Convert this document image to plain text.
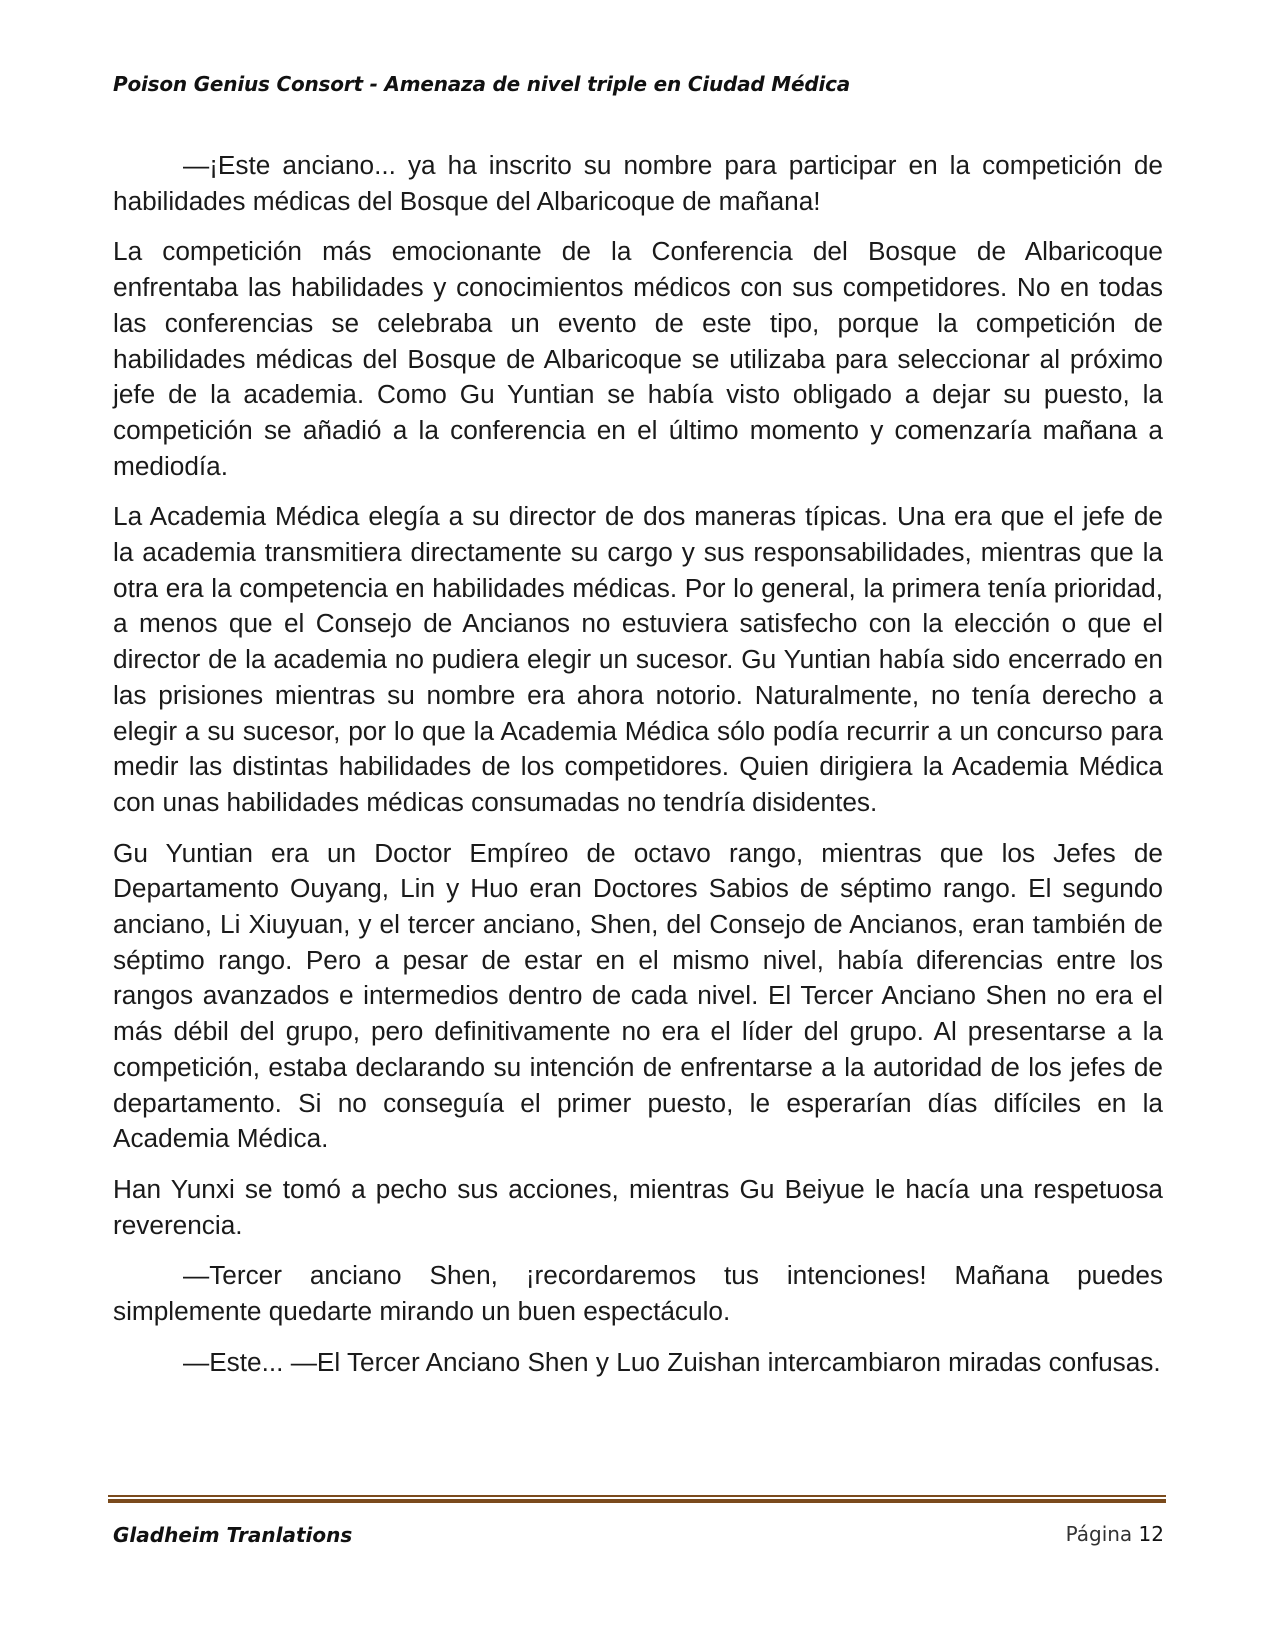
Poison Genius Consort - Amenaza de nivel triple en Ciudad Médica

—¡Este anciano... ya ha inscrito su nombre para participar en la competición de habilidades médicas del Bosque del Albaricoque de mañana!

La competición más emocionante de la Conferencia del Bosque de Albaricoque enfrentaba las habilidades y conocimientos médicos con sus competidores. No en todas las conferencias se celebraba un evento de este tipo, porque la competición de habilidades médicas del Bosque de Albaricoque se utilizaba para seleccionar al próximo jefe de la academia. Como Gu Yuntian se había visto obligado a dejar su puesto, la competición se añadió a la conferencia en el último momento y comenzaría mañana a mediodía.

La Academia Médica elegía a su director de dos maneras típicas. Una era que el jefe de la academia transmitiera directamente su cargo y sus responsabilidades, mientras que la otra era la competencia en habilidades médicas. Por lo general, la primera tenía prioridad, a menos que el Consejo de Ancianos no estuviera satisfecho con la elección o que el director de la academia no pudiera elegir un sucesor. Gu Yuntian había sido encerrado en las prisiones mientras su nombre era ahora notorio. Naturalmente, no tenía derecho a elegir a su sucesor, por lo que la Academia Médica sólo podía recurrir a un concurso para medir las distintas habilidades de los competidores. Quien dirigiera la Academia Médica con unas habilidades médicas consumadas no tendría disidentes.

Gu Yuntian era un Doctor Empíreo de octavo rango, mientras que los Jefes de Departamento Ouyang, Lin y Huo eran Doctores Sabios de séptimo rango. El segundo anciano, Li Xiuyuan, y el tercer anciano, Shen, del Consejo de Ancianos, eran también de séptimo rango. Pero a pesar de estar en el mismo nivel, había diferencias entre los rangos avanzados e intermedios dentro de cada nivel. El Tercer Anciano Shen no era el más débil del grupo, pero definitivamente no era el líder del grupo. Al presentarse a la competición, estaba declarando su intención de enfrentarse a la autoridad de los jefes de departamento. Si no conseguía el primer puesto, le esperarían días difíciles en la Academia Médica.

Han Yunxi se tomó a pecho sus acciones, mientras Gu Beiyue le hacía una respetuosa reverencia.

—Tercer anciano Shen, ¡recordaremos tus intenciones! Mañana puedes simplemente quedarte mirando un buen espectáculo.

—Este... —El Tercer Anciano Shen y Luo Zuishan intercambiaron miradas confusas.

Gladheim Tranlations	Página 12
